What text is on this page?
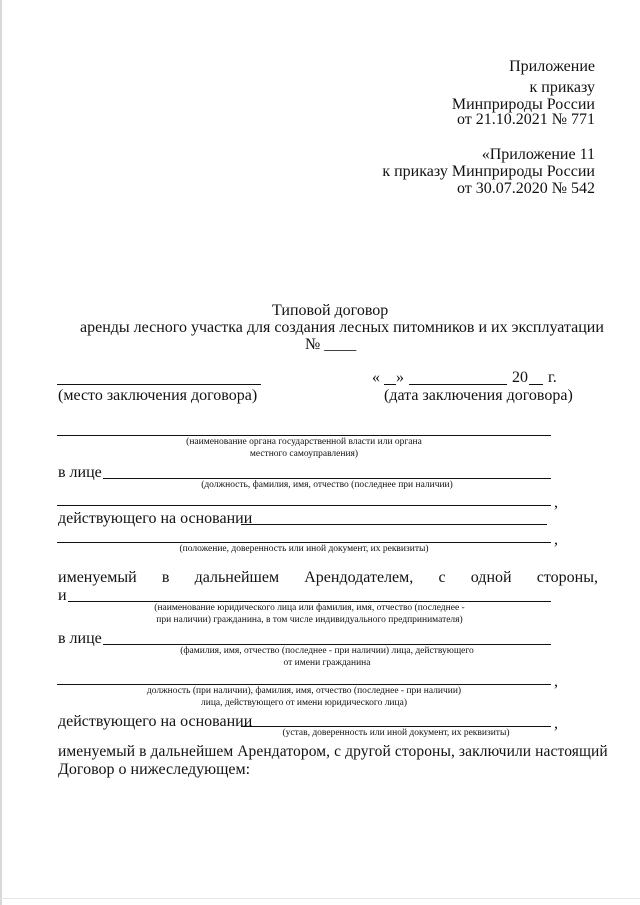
Приложение
к приказу
Минприроды России
от 21.10.2021 № 771
«Приложение 11
к приказу Минприроды России
от 30.07.2020 № 542
Типовой договор
аренды лесного участка для создания лесных питомников и их эксплуатации
№ ____
(место заключения договора)
« »	20 г.
(дата заключения договора)
(наименование органа государственной власти или органа
местного самоуправления)
в лице
(должность, фамилия, имя, отчество (последнее при наличии)
,
действующего на основании
,
(положение, доверенность или иной документ, их реквизиты)
именуемый в дальнейшем Арендодателем, с одной стороны,
и
(наименование юридического лица или фамилия, имя, отчество (последнее -
при наличии) гражданина, в том числе индивидуального предпринимателя)
в лице
(фамилия, имя, отчество (последнее - при наличии) лица, действующего
от имени гражданина
,
должность (при наличии), фамилия, имя, отчество (последнее - при наличии)
лица, действующего от имени юридического лица)
действующего на основании	,
(устав, доверенность или иной документ, их реквизиты)
именуемый в дальнейшем Арендатором, с другой стороны, заключили настоящий
Договор о нижеследующем:
